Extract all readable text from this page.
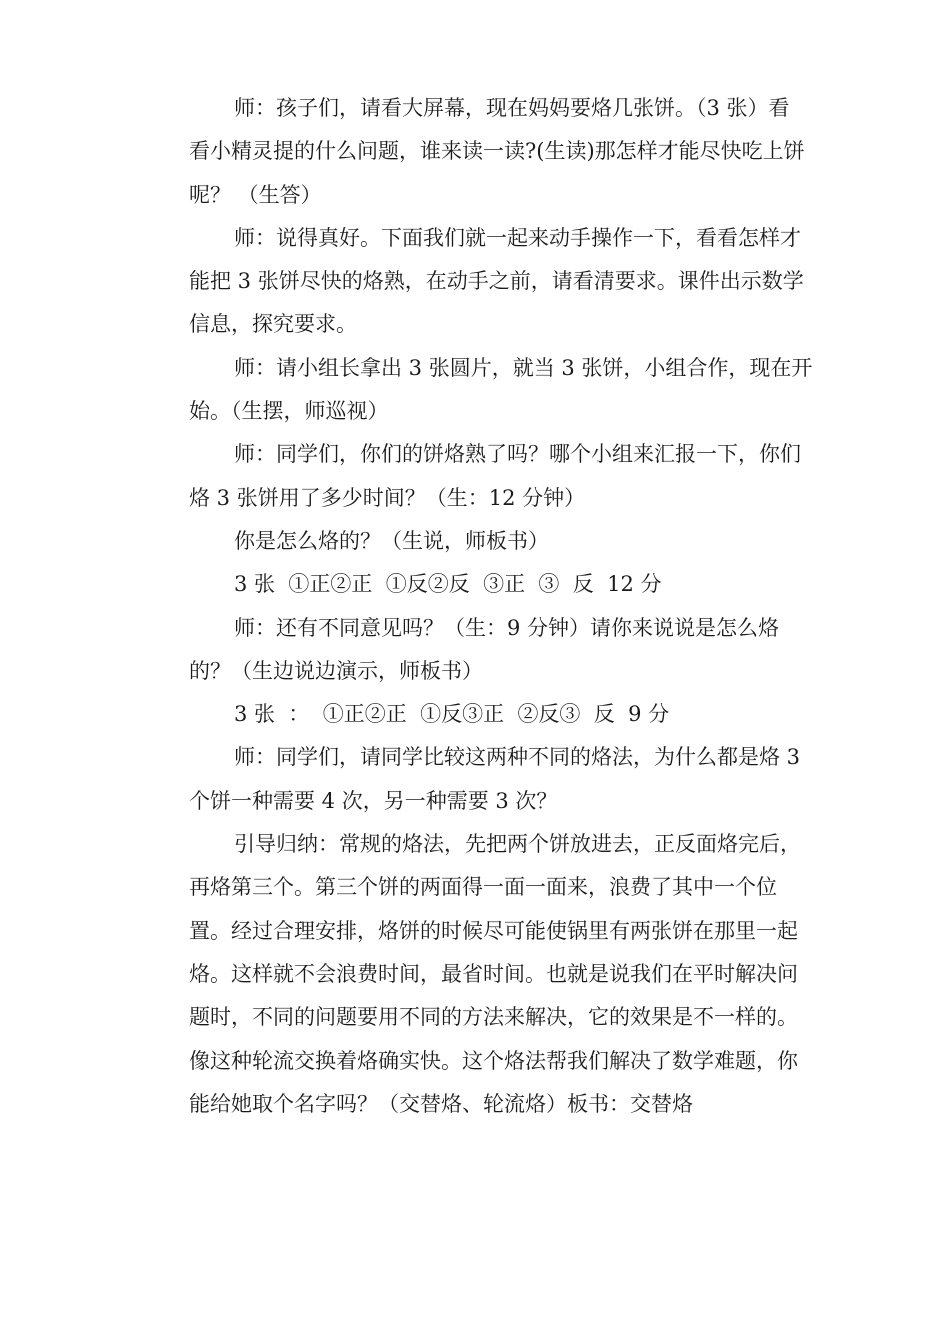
师：孩子们，请看大屏幕，现在妈妈要烙几张饼。（3 张）看
看小精灵提的什么问题，谁来读一读?(生读)那怎样才能尽快吃上饼
呢？ （生答）
师：说得真好。下面我们就一起来动手操作一下，看看怎样才
能把 3 张饼尽快的烙熟，在动手之前，请看清要求。课件出示数学
信息，探究要求。
师：请小组长拿出 3 张圆片，就当 3 张饼，小组合作，现在开
始。（生摆，师巡视）
师：同学们，你们的饼烙熟了吗？哪个小组来汇报一下，你们
烙 3 张饼用了多少时间？（生：12 分钟）
你是怎么烙的？（生说，师板书）
3 张  ①正②正  ①反②反  ③正  ③  反  12 分
师：还有不同意见吗？（生：9 分钟）请你来说说是怎么烙
的？（生边说边演示，师板书）
3 张  ：  ①正②正  ①反③正  ②反③  反  9 分
师：同学们，请同学比较这两种不同的烙法，为什么都是烙 3
个饼一种需要 4 次，另一种需要 3 次？
引导归纳：常规的烙法，先把两个饼放进去，正反面烙完后，
再烙第三个。第三个饼的两面得一面一面来，浪费了其中一个位
置。经过合理安排，烙饼的时候尽可能使锅里有两张饼在那里一起
烙。这样就不会浪费时间，最省时间。也就是说我们在平时解决问
题时，不同的问题要用不同的方法来解决，它的效果是不一样的。
像这种轮流交换着烙确实快。这个烙法帮我们解决了数学难题，你
能给她取个名字吗？（交替烙、轮流烙）板书：交替烙
